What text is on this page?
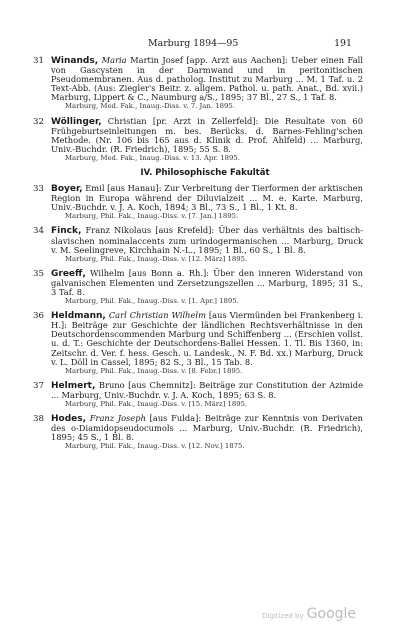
Marburg 1894—95	191
31 Winands, Maria Martin Josef [app. Arzt aus Aachen]: Ueber einen Fall von Gascysten in der Darmwand und in peritonitischen Pseudomembranen. Aus d. patholog. Institut zu Marburg ... M. 1 Taf. u. 2 Text-Abb. (Aus: Ziegler's Beitr. z. allgem. Pathol. u. path. Anat., Bd. xvii.) Marburg, Lippert & C., Naumburg a/S., 1895; 37 Bl., 27 S., 1 Taf. 8.
Marburg, Med. Fak., Inaug.-Diss. v. 7. Jan. 1895.
32 Wöllinger, Christian [pr. Arzt in Zellerfeld]: Die Resultate von 60 Frühgeburtseinleitungen m. bes. Berücks. d. Barnes-Fehling'schen Methode. (Nr. 106 bis 165 aus d. Klinik d. Prof. Ahlfeld) ... Marburg, Univ.-Buchdr. (R. Friedrich), 1895; 55 S. 8.
Marburg, Med. Fak., Inaug.-Diss. v. 13. Apr. 1895.
IV. Philosophische Fakultät
33 Boyer, Emil [aus Hanau]: Zur Verbreitung der Tierformen der arktischen Region in Europa während der Diluvialzeit ... M. e. Karte. Marburg, Univ.-Buchdr. v. J. A. Koch, 1894; 3 Bl., 73 S., 1 Bl., 1 Kt. 8.
Marburg, Phil. Fak., Inaug.-Diss. v. [7. Jan.] 1895.
34 Finck, Franz Nikolaus [aus Krefeld]: Über das verhältnis des baltisch-slavischen nominalaccents zum urindogermanischen ... Marburg, Druck v. M. Seelingreve, Kirchhain N.-L., 1895; 1 Bl., 60 S., 1 Bl. 8.
Marburg, Phil. Fak., Inaug.-Diss. v. [12. März] 1895.
35 Greeff, Wilhelm [aus Bonn a. Rh.]: Über den inneren Widerstand von galvanischen Elementen und Zersetzungszellen ... Marburg, 1895; 31 S., 3 Taf. 8.
Marburg, Phil. Fak., Inaug.-Diss. v. [1. Apr.] 1895.
36 Heldmann, Carl Christian Wilhelm [aus Viermünden bei Frankenberg i. H.]: Beiträge zur Geschichte der ländlichen Rechtsverhältnisse in den Deutschordenscommenden Marburg und Schiffenberg ... (Erschien vollst. u. d. T.: Geschichte der Deutschordens-Ballei Hessen. 1. Tl. Bis 1360, in: Zeitschr. d. Ver. f. hess. Gesch. u. Landesk., N. F. Bd. xx.) Marburg, Druck v. L. Döll in Cassel, 1895; 82 S., 3 Bl., 15 Tab. 8.
Marburg, Phil. Fak., Inaug.-Diss. v. [8. Febr.] 1895.
37 Helmert, Bruno [aus Chemnitz]: Beiträge zur Constitution der Azimide ... Marburg, Univ.-Buchdr. v. J. A. Koch, 1895; 63 S. 8.
Marburg, Phil. Fak., Inaug.-Diss. v. [15. März] 1895.
38 Hodes, Franz Joseph [aus Fulda]: Beiträge zur Kenntnis von Derivaten des o-Diamidopseudocumols ... Marburg, Univ.-Buchdr. (R. Friedrich), 1895; 45 S., 1 Bl. 8.
Marburg, Phil. Fak., Inaug.-Diss. v. [12. Nov.] 1875.
Digitized by Google
